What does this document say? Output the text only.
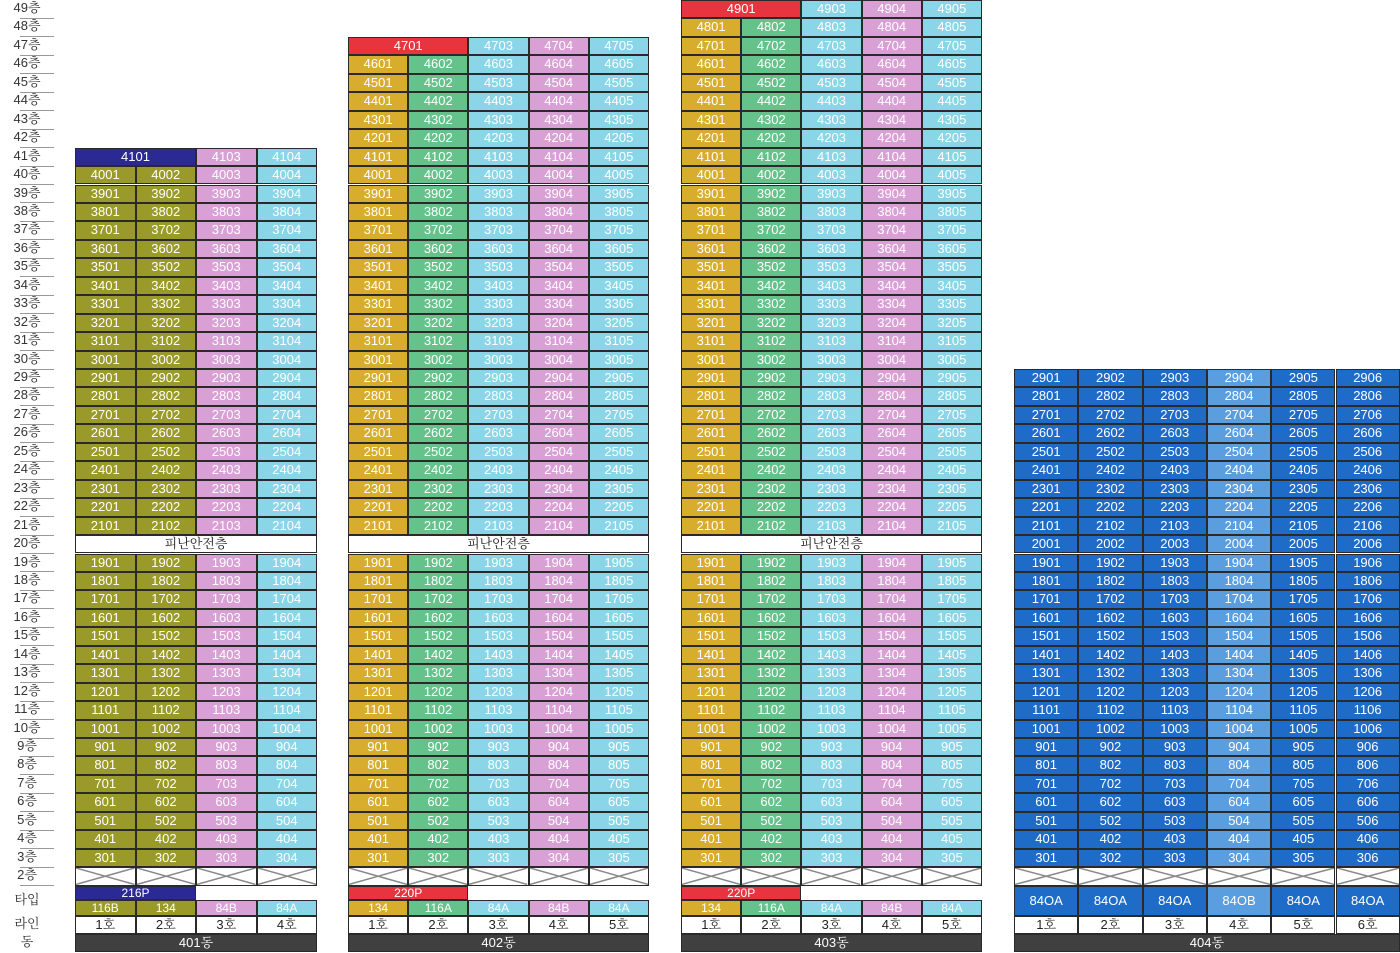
49층
48층
47층
46층
45층
44층
43층
42층
41층
40층
39층
38층
37층
36층
35층
34층
33층
32층
31층
30층
29층
28층
27층
26층
25층
24층
23층
22층
21층
20층
19층
18층
17층
16층
15층
14층
13층
12층
11층
10층
9층
8층
7층
6층
5층
4층
3층
2층
타입
라인
동
4101	4103	4104
4001	4002	4003	4004
3901	3902	3903	3904
3801	3802	3803	3804
3701	3702	3703	3704
3601	3602	3603	3604
3501	3502	3503	3504
3401	3402	3403	3404
3301	3302	3303	3304
3201	3202	3203	3204
3101	3102	3103	3104
3001	3002	3003	3004
2901	2902	2903	2904
2801	2802	2803	2804
2701	2702	2703	2704
2601	2602	2603	2604
2501	2502	2503	2504
2401	2402	2403	2404
2301	2302	2303	2304
2201	2202	2203	2204
2101	2102	2103	2104
피난안전층
1901	1902	1903	1904
1801	1802	1803	1804
1701	1702	1703	1704
1601	1602	1603	1604
1501	1502	1503	1504
1401	1402	1403	1404
1301	1302	1303	1304
1201	1202	1203	1204
1101	1102	1103	1104
1001	1002	1003	1004
901	902	903	904
801	802	803	804
701	702	703	704
601	602	603	604
501	502	503	504
401	402	403	404
301	302	303	304
216P
116B	134	84B	84A
1호	2호	3호	4호
401동
4701	4703	4704	4705
4601	4602	4603	4604	4605
4501	4502	4503	4504	4505
4401	4402	4403	4404	4405
4301	4302	4303	4304	4305
4201	4202	4203	4204	4205
4101	4102	4103	4104	4105
4001	4002	4003	4004	4005
3901	3902	3903	3904	3905
3801	3802	3803	3804	3805
3701	3702	3703	3704	3705
3601	3602	3603	3604	3605
3501	3502	3503	3504	3505
3401	3402	3403	3404	3405
3301	3302	3303	3304	3305
3201	3202	3203	3204	3205
3101	3102	3103	3104	3105
3001	3002	3003	3004	3005
2901	2902	2903	2904	2905
2801	2802	2803	2804	2805
2701	2702	2703	2704	2705
2601	2602	2603	2604	2605
2501	2502	2503	2504	2505
2401	2402	2403	2404	2405
2301	2302	2303	2304	2305
2201	2202	2203	2204	2205
2101	2102	2103	2104	2105
피난안전층
1901	1902	1903	1904	1905
1801	1802	1803	1804	1805
1701	1702	1703	1704	1705
1601	1602	1603	1604	1605
1501	1502	1503	1504	1505
1401	1402	1403	1404	1405
1301	1302	1303	1304	1305
1201	1202	1203	1204	1205
1101	1102	1103	1104	1105
1001	1002	1003	1004	1005
901	902	903	904	905
801	802	803	804	805
701	702	703	704	705
601	602	603	604	605
501	502	503	504	505
401	402	403	404	405
301	302	303	304	305
220P
134	116A	84A	84B	84A
1호	2호	3호	4호	5호
402동
4901	4903	4904	4905
4801	4802	4803	4804	4805
4701	4702	4703	4704	4705
4601	4602	4603	4604	4605
4501	4502	4503	4504	4505
4401	4402	4403	4404	4405
4301	4302	4303	4304	4305
4201	4202	4203	4204	4205
4101	4102	4103	4104	4105
4001	4002	4003	4004	4005
3901	3902	3903	3904	3905
3801	3802	3803	3804	3805
3701	3702	3703	3704	3705
3601	3602	3603	3604	3605
3501	3502	3503	3504	3505
3401	3402	3403	3404	3405
3301	3302	3303	3304	3305
3201	3202	3203	3204	3205
3101	3102	3103	3104	3105
3001	3002	3003	3004	3005
2901	2902	2903	2904	2905
2801	2802	2803	2804	2805
2701	2702	2703	2704	2705
2601	2602	2603	2604	2605
2501	2502	2503	2504	2505
2401	2402	2403	2404	2405
2301	2302	2303	2304	2305
2201	2202	2203	2204	2205
2101	2102	2103	2104	2105
피난안전층
1901	1902	1903	1904	1905
1801	1802	1803	1804	1805
1701	1702	1703	1704	1705
1601	1602	1603	1604	1605
1501	1502	1503	1504	1505
1401	1402	1403	1404	1405
1301	1302	1303	1304	1305
1201	1202	1203	1204	1205
1101	1102	1103	1104	1105
1001	1002	1003	1004	1005
901	902	903	904	905
801	802	803	804	805
701	702	703	704	705
601	602	603	604	605
501	502	503	504	505
401	402	403	404	405
301	302	303	304	305
220P
134	116A	84A	84B	84A
1호	2호	3호	4호	5호
403동
2901	2902	2903	2904	2905	2906
2801	2802	2803	2804	2805	2806
2701	2702	2703	2704	2705	2706
2601	2602	2603	2604	2605	2606
2501	2502	2503	2504	2505	2506
2401	2402	2403	2404	2405	2406
2301	2302	2303	2304	2305	2306
2201	2202	2203	2204	2205	2206
2101	2102	2103	2104	2105	2106
2001	2002	2003	2004	2005	2006
1901	1902	1903	1904	1905	1906
1801	1802	1803	1804	1805	1806
1701	1702	1703	1704	1705	1706
1601	1602	1603	1604	1605	1606
1501	1502	1503	1504	1505	1506
1401	1402	1403	1404	1405	1406
1301	1302	1303	1304	1305	1306
1201	1202	1203	1204	1205	1206
1101	1102	1103	1104	1105	1106
1001	1002	1003	1004	1005	1006
901	902	903	904	905	906
801	802	803	804	805	806
701	702	703	704	705	706
601	602	603	604	605	606
501	502	503	504	505	506
401	402	403	404	405	406
301	302	303	304	305	306
84OA	84OA	84OA	84OB	84OA	84OA
1호	2호	3호	4호	5호	6호
404동
